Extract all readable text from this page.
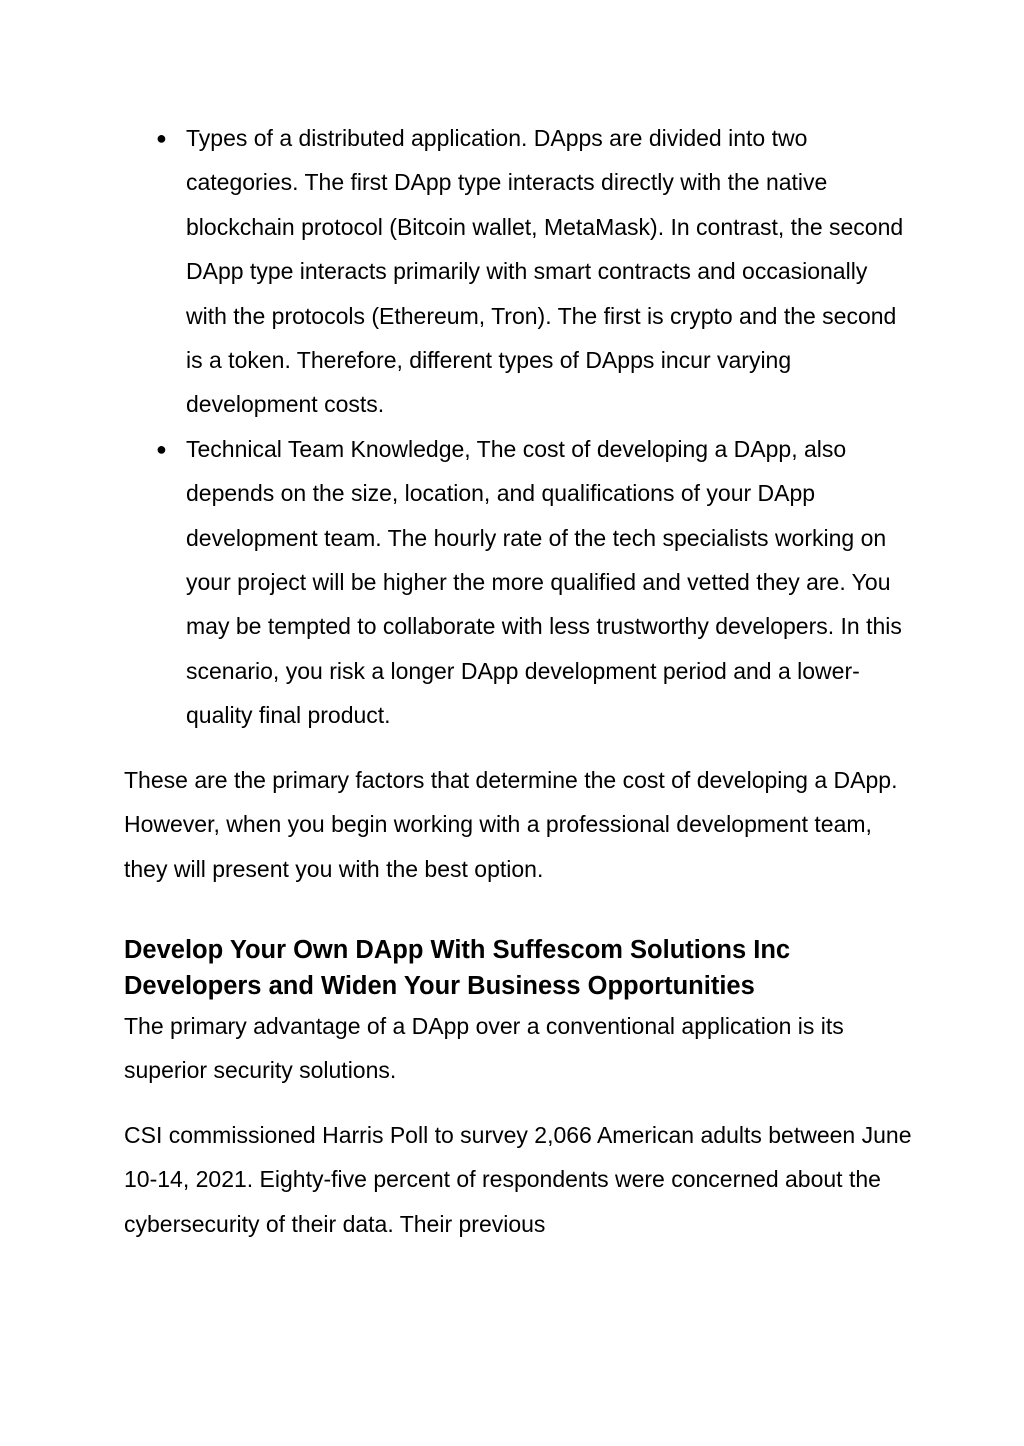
● Types of a distributed application. DApps are divided into two categories. The first DApp type interacts directly with the native blockchain protocol (Bitcoin wallet, MetaMask). In contrast, the second DApp type interacts primarily with smart contracts and occasionally with the protocols (Ethereum, Tron). The first is crypto and the second is a token. Therefore, different types of DApps incur varying development costs.
● Technical Team Knowledge, The cost of developing a DApp, also depends on the size, location, and qualifications of your DApp development team. The hourly rate of the tech specialists working on your project will be higher the more qualified and vetted they are. You may be tempted to collaborate with less trustworthy developers. In this scenario, you risk a longer DApp development period and a lower-quality final product.

These are the primary factors that determine the cost of developing a DApp. However, when you begin working with a professional development team, they will present you with the best option.

Develop Your Own DApp With Suffescom Solutions Inc Developers and Widen Your Business Opportunities

The primary advantage of a DApp over a conventional application is its superior security solutions.

CSI commissioned Harris Poll to survey 2,066 American adults between June 10-14, 2021. Eighty-five percent of respondents were concerned about the cybersecurity of their data. Their previous
